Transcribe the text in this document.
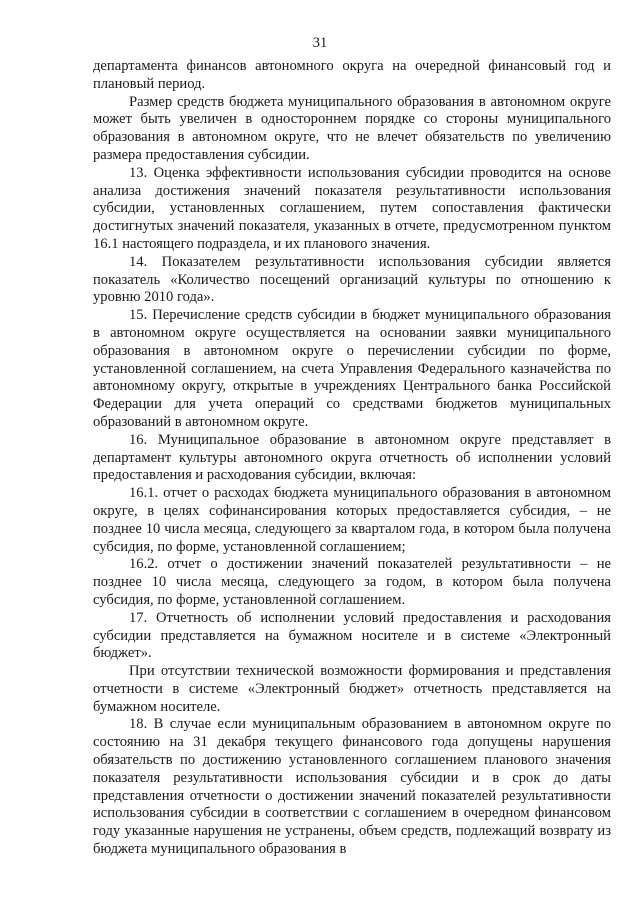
31

департамента финансов автономного округа на очередной финансовый год и плановый период.

Размер средств бюджета муниципального образования в автономном округе может быть увеличен в одностороннем порядке со стороны муниципального образования в автономном округе, что не влечет обязательств по увеличению размера предоставления субсидии.

13. Оценка эффективности использования субсидии проводится на основе анализа достижения значений показателя результативности использования субсидии, установленных соглашением, путем сопоставления фактически достигнутых значений показателя, указанных в отчете, предусмотренном пунктом 16.1 настоящего подраздела, и их планового значения.

14. Показателем результативности использования субсидии является показатель «Количество посещений организаций культуры по отношению к уровню 2010 года».

15. Перечисление средств субсидии в бюджет муниципального образования в автономном округе осуществляется на основании заявки муниципального образования в автономном округе о перечислении субсидии по форме, установленной соглашением, на счета Управления Федерального казначейства по автономному округу, открытые в учреждениях Центрального банка Российской Федерации для учета операций со средствами бюджетов муниципальных образований в автономном округе.

16. Муниципальное образование в автономном округе представляет в департамент культуры автономного округа отчетность об исполнении условий предоставления и расходования субсидии, включая:

16.1. отчет о расходах бюджета муниципального образования в автономном округе, в целях софинансирования которых предоставляется субсидия, – не позднее 10 числа месяца, следующего за кварталом года, в котором была получена субсидия, по форме, установленной соглашением;

16.2. отчет о достижении значений показателей результативности – не позднее 10 числа месяца, следующего за годом, в котором была получена субсидия, по форме, установленной соглашением.

17. Отчетность об исполнении условий предоставления и расходования субсидии представляется на бумажном носителе и в системе «Электронный бюджет».

При отсутствии технической возможности формирования и представления отчетности в системе «Электронный бюджет» отчетность представляется на бумажном носителе.

18. В случае если муниципальным образованием в автономном округе по состоянию на 31 декабря текущего финансового года допущены нарушения обязательств по достижению установленного соглашением планового значения показателя результативности использования субсидии и в срок до даты представления отчетности о достижении значений показателей результативности использования субсидии в соответствии с соглашением в очередном финансовом году указанные нарушения не устранены, объем средств, подлежащий возврату из бюджета муниципального образования в
